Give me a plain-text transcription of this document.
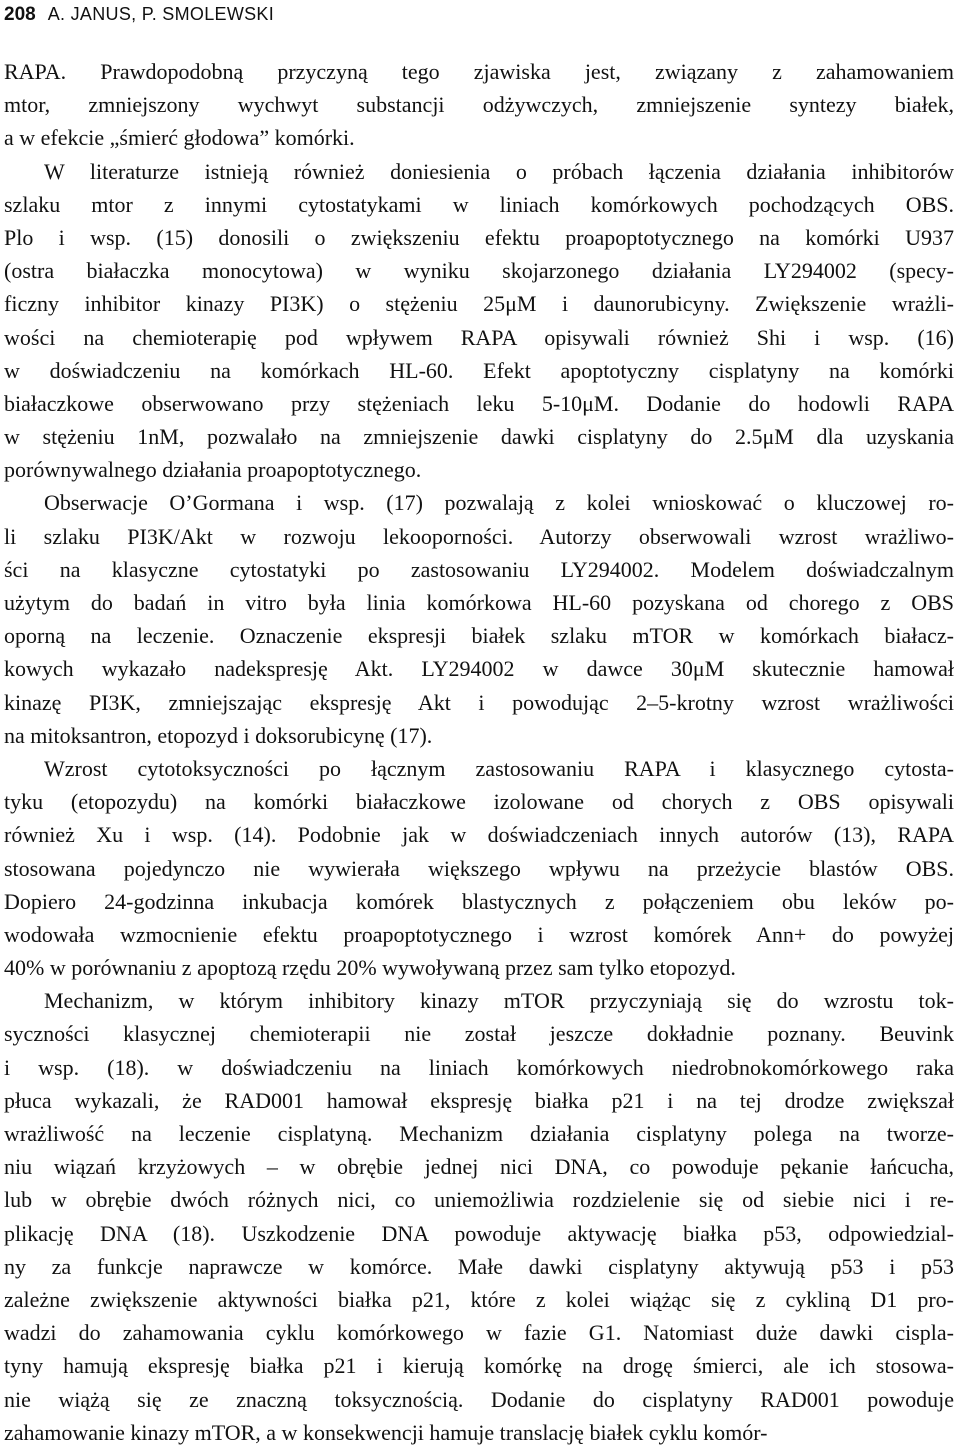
208 A. JANUS, P. SMOLEWSKI
RAPA. Prawdopodobną przyczyną tego zjawiska jest, związany z zahamowaniem
mtor, zmniejszony wychwyt substancji odżywczych, zmniejszenie syntezy białek,
a w efekcie „śmierć głodowa” komórki.
W literaturze istnieją również doniesienia o próbach łączenia działania inhibitorów
szlaku mtor z innymi cytostatykami w liniach komórkowych pochodzących OBS.
Plo i wsp. (15) donosili o zwiększeniu efektu proapoptotycznego na komórki U937
(ostra białaczka monocytowa) w wyniku skojarzonego działania LY294002 (specy-
ficzny inhibitor kinazy PI3K) o stężeniu 25μM i daunorubicyny. Zwiększenie wrażli-
wości na chemioterapię pod wpływem RAPA opisywali również Shi i wsp. (16)
w doświadczeniu na komórkach HL-60. Efekt apoptotyczny cisplatyny na komórki
białaczkowe obserwowano przy stężeniach leku 5-10μM. Dodanie do hodowli RAPA
w stężeniu 1nM, pozwalało na zmniejszenie dawki cisplatyny do 2.5μM dla uzyskania
porównywalnego działania proapoptotycznego.
Obserwacje O’Gormana i wsp. (17) pozwalają z kolei wnioskować o kluczowej ro-
li szlaku PI3K/Akt w rozwoju lekooporności. Autorzy obserwowali wzrost wrażliwo-
ści na klasyczne cytostatyki po zastosowaniu LY294002. Modelem doświadczalnym
użytym do badań in vitro była linia komórkowa HL-60 pozyskana od chorego z OBS
oporną na leczenie. Oznaczenie ekspresji białek szlaku mTOR w komórkach białacz-
kowych wykazało nadekspresję Akt. LY294002 w dawce 30μM skutecznie hamował
kinazę PI3K, zmniejszając ekspresję Akt i powodując 2–5-krotny wzrost wrażliwości
na mitoksantron, etopozyd i doksorubicynę (17).
Wzrost cytotoksyczności po łącznym zastosowaniu RAPA i klasycznego cytosta-
tyku (etopozydu) na komórki białaczkowe izolowane od chorych z OBS opisywali
również Xu i wsp. (14). Podobnie jak w doświadczeniach innych autorów (13), RAPA
stosowana pojedynczo nie wywierała większego wpływu na przeżycie blastów OBS.
Dopiero 24-godzinna inkubacja komórek blastycznych z połączeniem obu leków po-
wodowała wzmocnienie efektu proapoptotycznego i wzrost komórek Ann+ do powyżej
40% w porównaniu z apoptozą rzędu 20% wywoływaną przez sam tylko etopozyd.
Mechanizm, w którym inhibitory kinazy mTOR przyczyniają się do wzrostu tok-
syczności klasycznej chemioterapii nie został jeszcze dokładnie poznany. Beuvink
i wsp. (18). w doświadczeniu na liniach komórkowych niedrobnokomórkowego raka
płuca wykazali, że RAD001 hamował ekspresję białka p21 i na tej drodze zwiększał
wrażliwość na leczenie cisplatyną. Mechanizm działania cisplatyny polega na tworze-
niu wiązań krzyżowych – w obrębie jednej nici DNA, co powoduje pękanie łańcucha,
lub w obrębie dwóch różnych nici, co uniemożliwia rozdzielenie się od siebie nici i re-
plikację DNA (18). Uszkodzenie DNA powoduje aktywację białka p53, odpowiedzial-
ny za funkcje naprawcze w komórce. Małe dawki cisplatyny aktywują p53 i p53
zależne zwiększenie aktywności białka p21, które z kolei wiążąc się z cykliną D1 pro-
wadzi do zahamowania cyklu komórkowego w fazie G1. Natomiast duże dawki cispla-
tyny hamują ekspresję białka p21 i kierują komórkę na drogę śmierci, ale ich stosowa-
nie wiążą się ze znaczną toksycznością. Dodanie do cisplatyny RAD001 powoduje
zahamowanie kinazy mTOR, a w konsekwencji hamuje translację białek cyklu komór-
